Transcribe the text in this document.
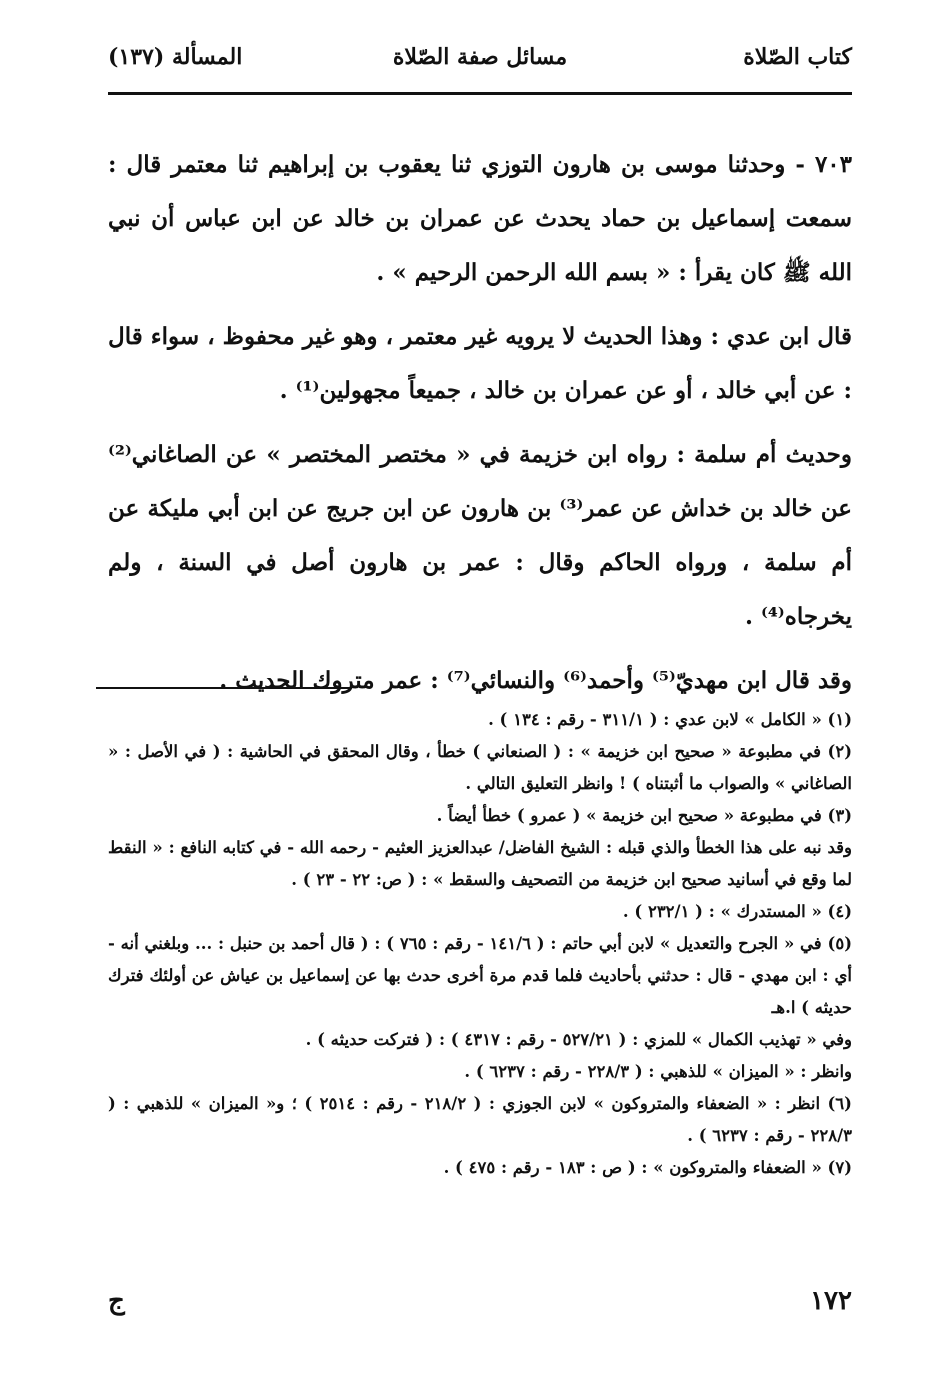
كتاب الصّلاة
مسائل صفة الصّلاة
المسألة (١٣٧)

٧٠٣ - وحدثنا موسى بن هارون التوزي ثنا يعقوب بن إبراهيم ثنا معتمر قال : سمعت إسماعيل بن حماد يحدث عن عمران بن خالد عن ابن عباس أن نبي الله ﷺ كان يقرأ : « بسم الله الرحمن الرحيم » .

قال ابن عدي : وهذا الحديث لا يرويه غير معتمر ، وهو غير محفوظ ، سواء قال : عن أبي خالد ، أو عن عمران بن خالد ، جميعاً مجهولين⁽¹⁾ .

وحديث أم سلمة : رواه ابن خزيمة في « مختصر المختصر » عن الصاغاني⁽²⁾ عن خالد بن خداش عن عمر⁽³⁾ بن هارون عن ابن جريج عن ابن أبي مليكة عن أم سلمة ، ورواه الحاكم وقال : عمر بن هارون أصل في السنة ، ولم يخرجاه⁽⁴⁾ .

وقد قال ابن مهديّ⁽⁵⁾ وأحمد⁽⁶⁾ والنسائي⁽⁷⁾ : عمر متروك الحديث .

(١) « الكامل » لابن عدي : ( ٣١١/١ - رقم : ١٣٤ ) .

(٢) في مطبوعة « صحيح ابن خزيمة » : ( الصنعاني ) خطأ ، وقال المحقق في الحاشية : ( في الأصل : « الصاغاني » والصواب ما أثبتناه ) ! وانظر التعليق التالي .

(٣) في مطبوعة « صحيح ابن خزيمة » ( عمرو ) خطأ أيضاً .

وقد نبه على هذا الخطأ والذي قبله : الشيخ الفاضل/ عبدالعزيز العثيم - رحمه الله - في كتابه النافع : « النقط لما وقع في أسانيد صحيح ابن خزيمة من التصحيف والسقط » : ( ص: ٢٢ - ٢٣ ) .

(٤) « المستدرك » : ( ٢٣٢/١ ) .

(٥) في « الجرح والتعديل » لابن أبي حاتم : ( ١٤١/٦ - رقم : ٧٦٥ ) : ( قال أحمد بن حنبل : ... وبلغني أنه - أي : ابن مهدي - قال : حدثني بأحاديث فلما قدم مرة أخرى حدث بها عن إسماعيل بن عياش عن أولئك فترك حديثه ) ا.هـ

وفي « تهذيب الكمال » للمزي : ( ٥٢٧/٢١ - رقم : ٤٣١٧ ) : ( فتركت حديثه ) .

وانظر : « الميزان » للذهبي : ( ٢٢٨/٣ - رقم : ٦٢٣٧ ) .

(٦) انظر : « الضعفاء والمتروكون » لابن الجوزي : ( ٢١٨/٢ - رقم : ٢٥١٤ ) ؛ و« الميزان » للذهبي : ( ٢٢٨/٣ - رقم : ٦٢٣٧ ) .

(٧) « الضعفاء والمتروكون » : ( ص : ١٨٣ - رقم : ٤٧٥ ) .

١٧٢
ج
